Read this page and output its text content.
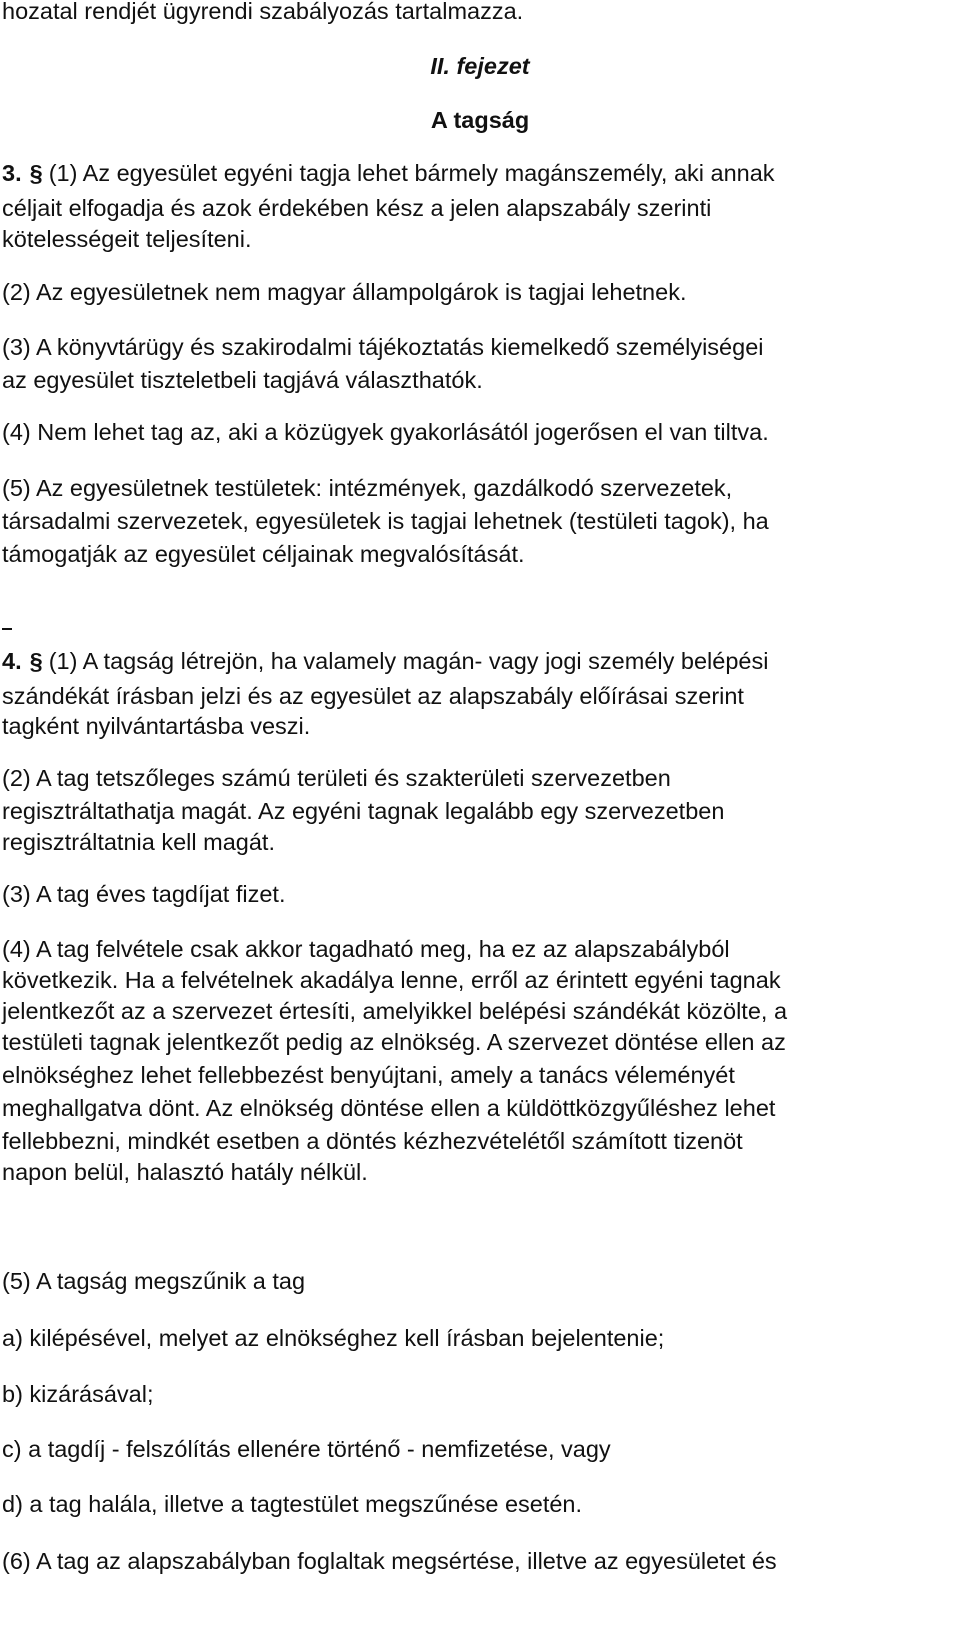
hozatal rendjét ügyrendi szabályozás tartalmazza.
II. fejezet
A tagság
3. § (1) Az egyesület egyéni tagja lehet bármely magánszemély, aki annak
céljait elfogadja és azok érdekében kész a jelen alapszabály szerinti
kötelességeit teljesíteni.
(2) Az egyesületnek nem magyar állampolgárok is tagjai lehetnek.
(3) A könyvtárügy és szakirodalmi tájékoztatás kiemelkedő személyiségei
az egyesület tiszteletbeli tagjává választhatók.
(4) Nem lehet tag az, aki a közügyek gyakorlásától jogerősen el van tiltva.
(5) Az egyesületnek testületek: intézmények, gazdálkodó szervezetek,
társadalmi szervezetek, egyesületek is tagjai lehetnek (testületi tagok), ha
támogatják az egyesület céljainak megvalósítását.
4. § (1) A tagság létrejön, ha valamely magán- vagy jogi személy belépési
szándékát írásban jelzi és az egyesület az alapszabály előírásai szerint
tagként nyilvántartásba veszi.
(2) A tag tetszőleges számú területi és szakterületi szervezetben
regisztráltathatja magát. Az egyéni tagnak legalább egy szervezetben
regisztráltatnia kell magát.
(3) A tag éves tagdíjat fizet.
(4) A tag felvétele csak akkor tagadható meg, ha ez az alapszabályból
következik. Ha a felvételnek akadálya lenne, erről az érintett egyéni tagnak
jelentkezőt az a szervezet értesíti, amelyikkel belépési szándékát közölte, a
testületi tagnak jelentkezőt pedig az elnökség. A szervezet döntése ellen az
elnökséghez lehet fellebbezést benyújtani, amely a tanács véleményét
meghallgatva dönt. Az elnökség döntése ellen a küldöttközgyűléshez lehet
fellebbezni, mindkét esetben a döntés kézhezvételétől számított tizenöt
napon belül, halasztó hatály nélkül.
(5) A tagság megszűnik a tag
a) kilépésével, melyet az elnökséghez kell írásban bejelentenie;
b) kizárásával;
c) a tagdíj - felszólítás ellenére történő - nemfizetése, vagy
d) a tag halála, illetve a tagtestület megszűnése esetén.
(6) A tag az alapszabályban foglaltak megsértése, illetve az egyesületet és
